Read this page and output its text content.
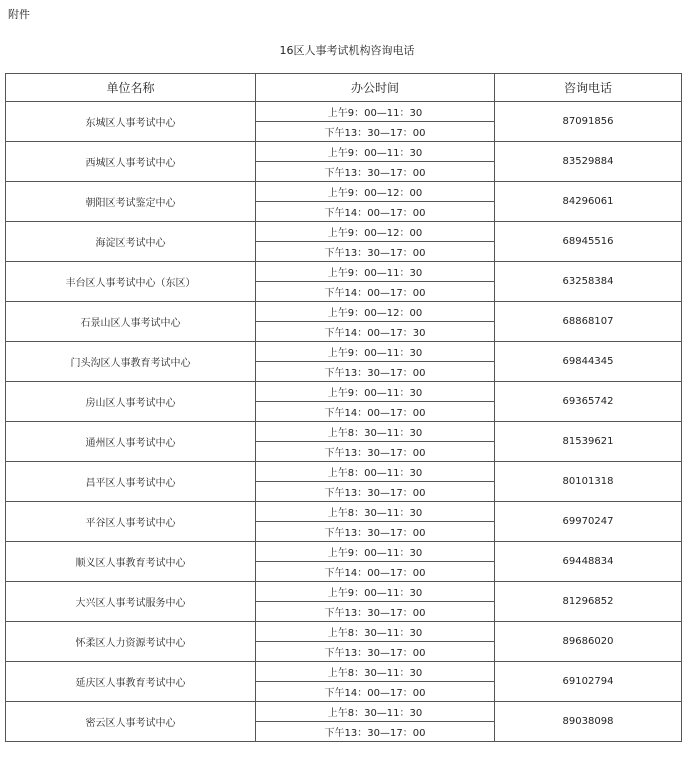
附件
16区人事考试机构咨询电话
单位名称	办公时间	咨询电话
东城区人事考试中心	上午9：00—11：30	87091856
	下午13：30—17：00	
西城区人事考试中心	上午9：00—11：30	83529884
	下午13：30—17：00	
朝阳区考试鉴定中心	上午9：00—12：00	84296061
	下午14：00—17：00	
海淀区考试中心	上午9：00—12：00	68945516
	下午13：30—17：00	
丰台区人事考试中心（东区）	上午9：00—11：30	63258384
	下午14：00—17：00	
石景山区人事考试中心	上午9：00—12：00	68868107
	下午14：00—17：30	
门头沟区人事教育考试中心	上午9：00—11：30	69844345
	下午13：30—17：00	
房山区人事考试中心	上午9：00—11：30	69365742
	下午14：00—17：00	
通州区人事考试中心	上午8：30—11：30	81539621
	下午13：30—17：00	
昌平区人事考试中心	上午8：00—11：30	80101318
	下午13：30—17：00	
平谷区人事考试中心	上午8：30—11：30	69970247
	下午13：30—17：00	
顺义区人事教育考试中心	上午9：00—11：30	69448834
	下午14：00—17：00	
大兴区人事考试服务中心	上午9：00—11：30	81296852
	下午13：30—17：00	
怀柔区人力资源考试中心	上午8：30—11：30	89686020
	下午13：30—17：00	
延庆区人事教育考试中心	上午8：30—11：30	69102794
	下午14：00—17：00	
密云区人事考试中心	上午8：30—11：30	89038098
	下午13：30—17：00	
